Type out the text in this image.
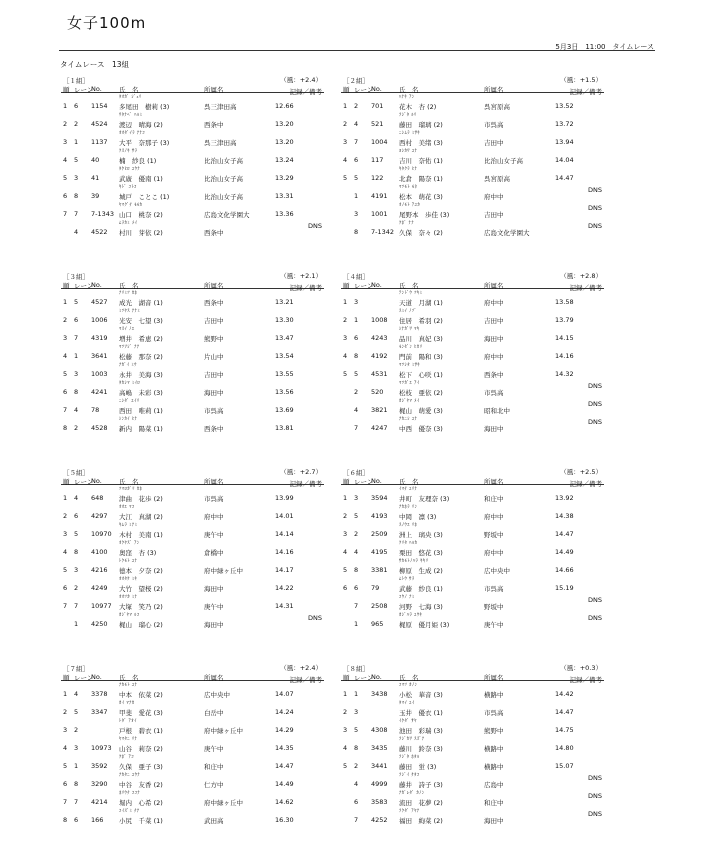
女子100m
5月3日　11:00　タイムレース
タイムレース　13組
［１組］	（風：+2.4）
順 レーン
No.	氏　名	所属名	記録／備考
ﾀｵｶﾞ ｼﾞｭﾘ
1 6 1154 多尾田　樹莉 (3)	呉三津田高	12.66
ﾜﾀﾅﾍﾞ ﾊﾙﾐ
2 2 4524 渡辺　晴海 (2)	西条中	13.20
ｵｵﾀﾞｲﾗ ﾅﾅｺ
3 1 1137 大平　奈那子 (3)	呉三津田高	13.20
ｸｽﾉｷ ｻﾗ
4 5 40	楠　紗良 (1)	比治山女子高	13.24
ﾀｹﾋﾛ ﾕｳﾅ
5 3 41	武廣　優南 (1)	比治山女子高	13.29
ｷﾄﾞ ｺﾄｺ
6 8 39	城戸　ことこ (1)	比治山女子高	13.31
ﾔﾏｸﾞﾁ ﾓﾓｶ
7 7 7-1343 山口　桃奈 (2)	広島文化学園大	13.36
ﾑﾗｶﾐ ﾒｲ
4 4522 村川　芽依 (2)	西条中
DNS
［２組］	（風：+1.5）
順 レーン
No.	氏　名	所属名	記録／備考
ﾊﾅｷ ｱﾝ
1 2 701 花木　杏 (2)	呉宮原高	13.52
ﾌｼﾞﾀ ﾙﾘ
2 4 521 藤田　瑠璃 (2)	市呉高	13.72
ﾆｼﾑﾗ ﾐｻｷ
3 7 1004 西村　美绪 (3)	吉田中	13.94
ﾖｼｶﾜ ﾕﾅ
4 6 117 吉川　奈佑 (1)	比治山女子高	14.04
ｷﾀｸﾗ ﾋﾅ
5 5 122 北倉　陽奈 (1)	呉宮原高	14.47
ﾏﾂﾓﾄ ﾓﾈ
1 4191 松本　萌花 (3)	府中中
DNS
ｵﾉﾓﾄ ｱﾕｶ
3 1001 尾野本　歩佳 (3)	吉田中
DNS
ｸﾎﾞ ﾅﾅ
8 7-1342 久保　奈々 (2)	広島文化学園大
DNS
［３組］	（風：+2.1）
順 レーン
No.	氏　名	所属名	記録／備考
ﾅﾘﾐﾂ ｶﾎ
1 5 4527 成光　湖音 (1)	西条中	13.21
ﾐﾂﾔｽ ﾅﾅﾐ
2 6 1006 光安　七望 (3)	吉田中	13.30
ﾏｽｲ ﾉｴ
3 7 4319 増井　希恵 (2)	熊野中	13.47
ﾏﾂﾌｼﾞ ﾅﾅ
4 1 3641 松藤　那奈 (2)	片山中	13.54
ﾅｶﾞｲ ﾐｳ
5 3 1003 永井　美海 (3)	吉田中	13.55
ﾀｶｼﾏ ﾐｲﾛ
6 8 4241 高嶋　未彩 (3)	海田中	13.56
ﾆｼﾀﾞ ﾕｲﾘ
7 4 78	西田　唯莉 (1)	市呉高	13.69
ｼﾝｶｲ ﾋﾅ
8 2 4528 新内　陽菜 (1)	西条中	13.81
［４組］	（風：+2.8）
順 レーン
No.	氏　名	所属名	記録／備考
ﾃﾝﾄﾞｳ ﾂｷﾐ
1 3	天道　月湖 (1)	府中中	13.58
ｽﾐｲ ﾉｿﾞ
2 1 1008 住居　希羽 (2)	吉田中	13.79
ｼﾅｶﾞﾜ ﾏｷ
3 6 4243 品川　真妃 (3)	海田中	14.15
ﾓﾝｾﾞﾝ ﾋｶﾘ
4 8 4192 門前　陽和 (3)	府中中	14.16
ﾏﾂｼﾀ ﾐｻｷ
5 5 4531 松下　心咲 (1)	西条中	14.32
ﾏﾂｶﾞｴ ｱｲ
2 520 松枝　亜依 (2)	市呉高
DNS
ｶｼﾞﾔﾏ ﾒｲ
4 3821 梶山　萌愛 (3)	昭和北中
DNS
ﾅｶﾆｼ ﾕﾅ
7 4247 中西　優奈 (3)	海田中
DNS
［５組］	（風：+2.7）
順 レーン
No.	氏　名	所属名	記録／備考
ﾂﾏﾛｶﾞﾘ ｶﾎ
1 4 648 津曲　花歩 (2)	市呉高	13.99
ｵｵｴ ﾏｺ
2 6 4297 大江　真湖 (2)	府中中	14.01
ｷﾑﾗ ﾐﾅﾐ
3 5 10970 木村　美南 (1)	庚午中	14.14
ｵｸﾔｽﾞ ｱﾝ
4 8 4100 奥窪　杏 (3)	倉橋中	14.16
ﾄｸﾓﾄ ﾕﾅ
5 3 4216 德本　夕奈 (2)	府中緑ヶ丘中	14.17
ｵｵﾀｹ ﾐｷ
6 2 4249 大竹　望桜 (2)	海田中	14.22
ｵｵﾂｶ ﾐﾅ
7 7 10977 大塚　笑乃 (2)	庚午中	14.31
ｶｼﾞﾔﾏ ﾙｺ
1 4250 梶山　瑠心 (2)	海田中
DNS
［６組］	（風：+2.5）
順 レーン
No.	氏　名	所属名	記録／備考
ｲﾏﾁ ﾕﾘﾅ
1 3 3594 井町　友理奈 (3)	和庄中	13.92
ﾅｶﾎﾗ ﾘﾝ
2 5 4193 中岡　凛 (3)	府中中	14.38
ｽﾉｳｴ ﾘﾎ
3 2 2509 洲上　璃央 (3)	野坂中	14.47
ｸﾘﾀ ﾊﾙｶ
4 4 4195 栗田　悠花 (3)	府中中	14.49
ｻｶﾓﾄﾉﾊﾗ ｷｷﾘ
5 8 3381 柳原　生成 (2)	広中央中	14.66
ﾑﾄｳ ｻﾗ
6 6 79	武藤　紗良 (1)	市呉高	15.19
ｺｳﾉ ﾅﾐ
7 2508 河野　七海 (3)	野坂中
DNS
ｶｼﾞﾊﾗ ﾕｳｷ
1 965 梶原　優月姫 (3)	庚午中
DNS
［７組］	（風：+2.4）
順 レーン
No.	氏　名	所属名	記録／備考
ﾅｶﾓﾄ ﾕﾅ
1 4 3378 中本　依菜 (2)	広中央中	14.07
ｶｲ ﾏﾅｶ
2 5 3347 甲斐　愛花 (3)	白岳中	14.24
ﾄﾀﾞ ｱｵｲ
3 2	戸根　碧衣 (1)	府中緑ヶ丘中	14.29
ﾔﾏﾀﾆ ﾘﾅ
4 3 10973 山谷　莉奈 (2)	庚午中	14.35
ｸﾎﾞ ｱｺ
5 1 3592 久保　亜子 (3)	和庄中	14.47
ﾅｶﾀﾆ ﾕｳﾅ
6 8 3290 中谷　友香 (2)	仁方中	14.49
ﾎﾘｳﾁ ｺｺﾅ
7 7 4214 堀内　心希 (2)	府中緑ヶ丘中	14.62
ｺｲｽﾞﾐ ﾁﾅ
8 6 166 小尻　千菜 (1)	武田高	16.30
［８組］	（風：+0.3）
順 レーン
No.	氏　名	所属名	記録／備考
ｺﾏﾂ ｶﾉﾝ
1 1 3438 小松　華音 (3)	横路中	14.42
ﾀﾏｲ ﾕｲ
2 3	玉井　優衣 (1)	市呉高	14.47
ｲｹﾀﾞ ｻﾔ
3 5 4308 池田　彩瑞 (3)	熊野中	14.75
ﾌｼﾞｶﾜ ｽｽﾞﾅ
4 8 3435 藤川　鈴奈 (3)	横路中	14.80
ﾌｼﾞﾀ ﾎﾀﾙ
5 2 3441 藤田　蛍 (3)	横路中	15.07
ﾌｼﾞｲ ｹﾀｺ
4 4999 藤井　詩子 (3)	広島中
DNS
ﾅｶﾞﾚﾀﾞ ｶﾉﾝ
6 3583 流田　花夢 (2)	和庄中
DNS
ﾌｸﾀﾞ ｱﾔﾅ
7 4252 福田　絢菜 (2)	海田中
DNS
